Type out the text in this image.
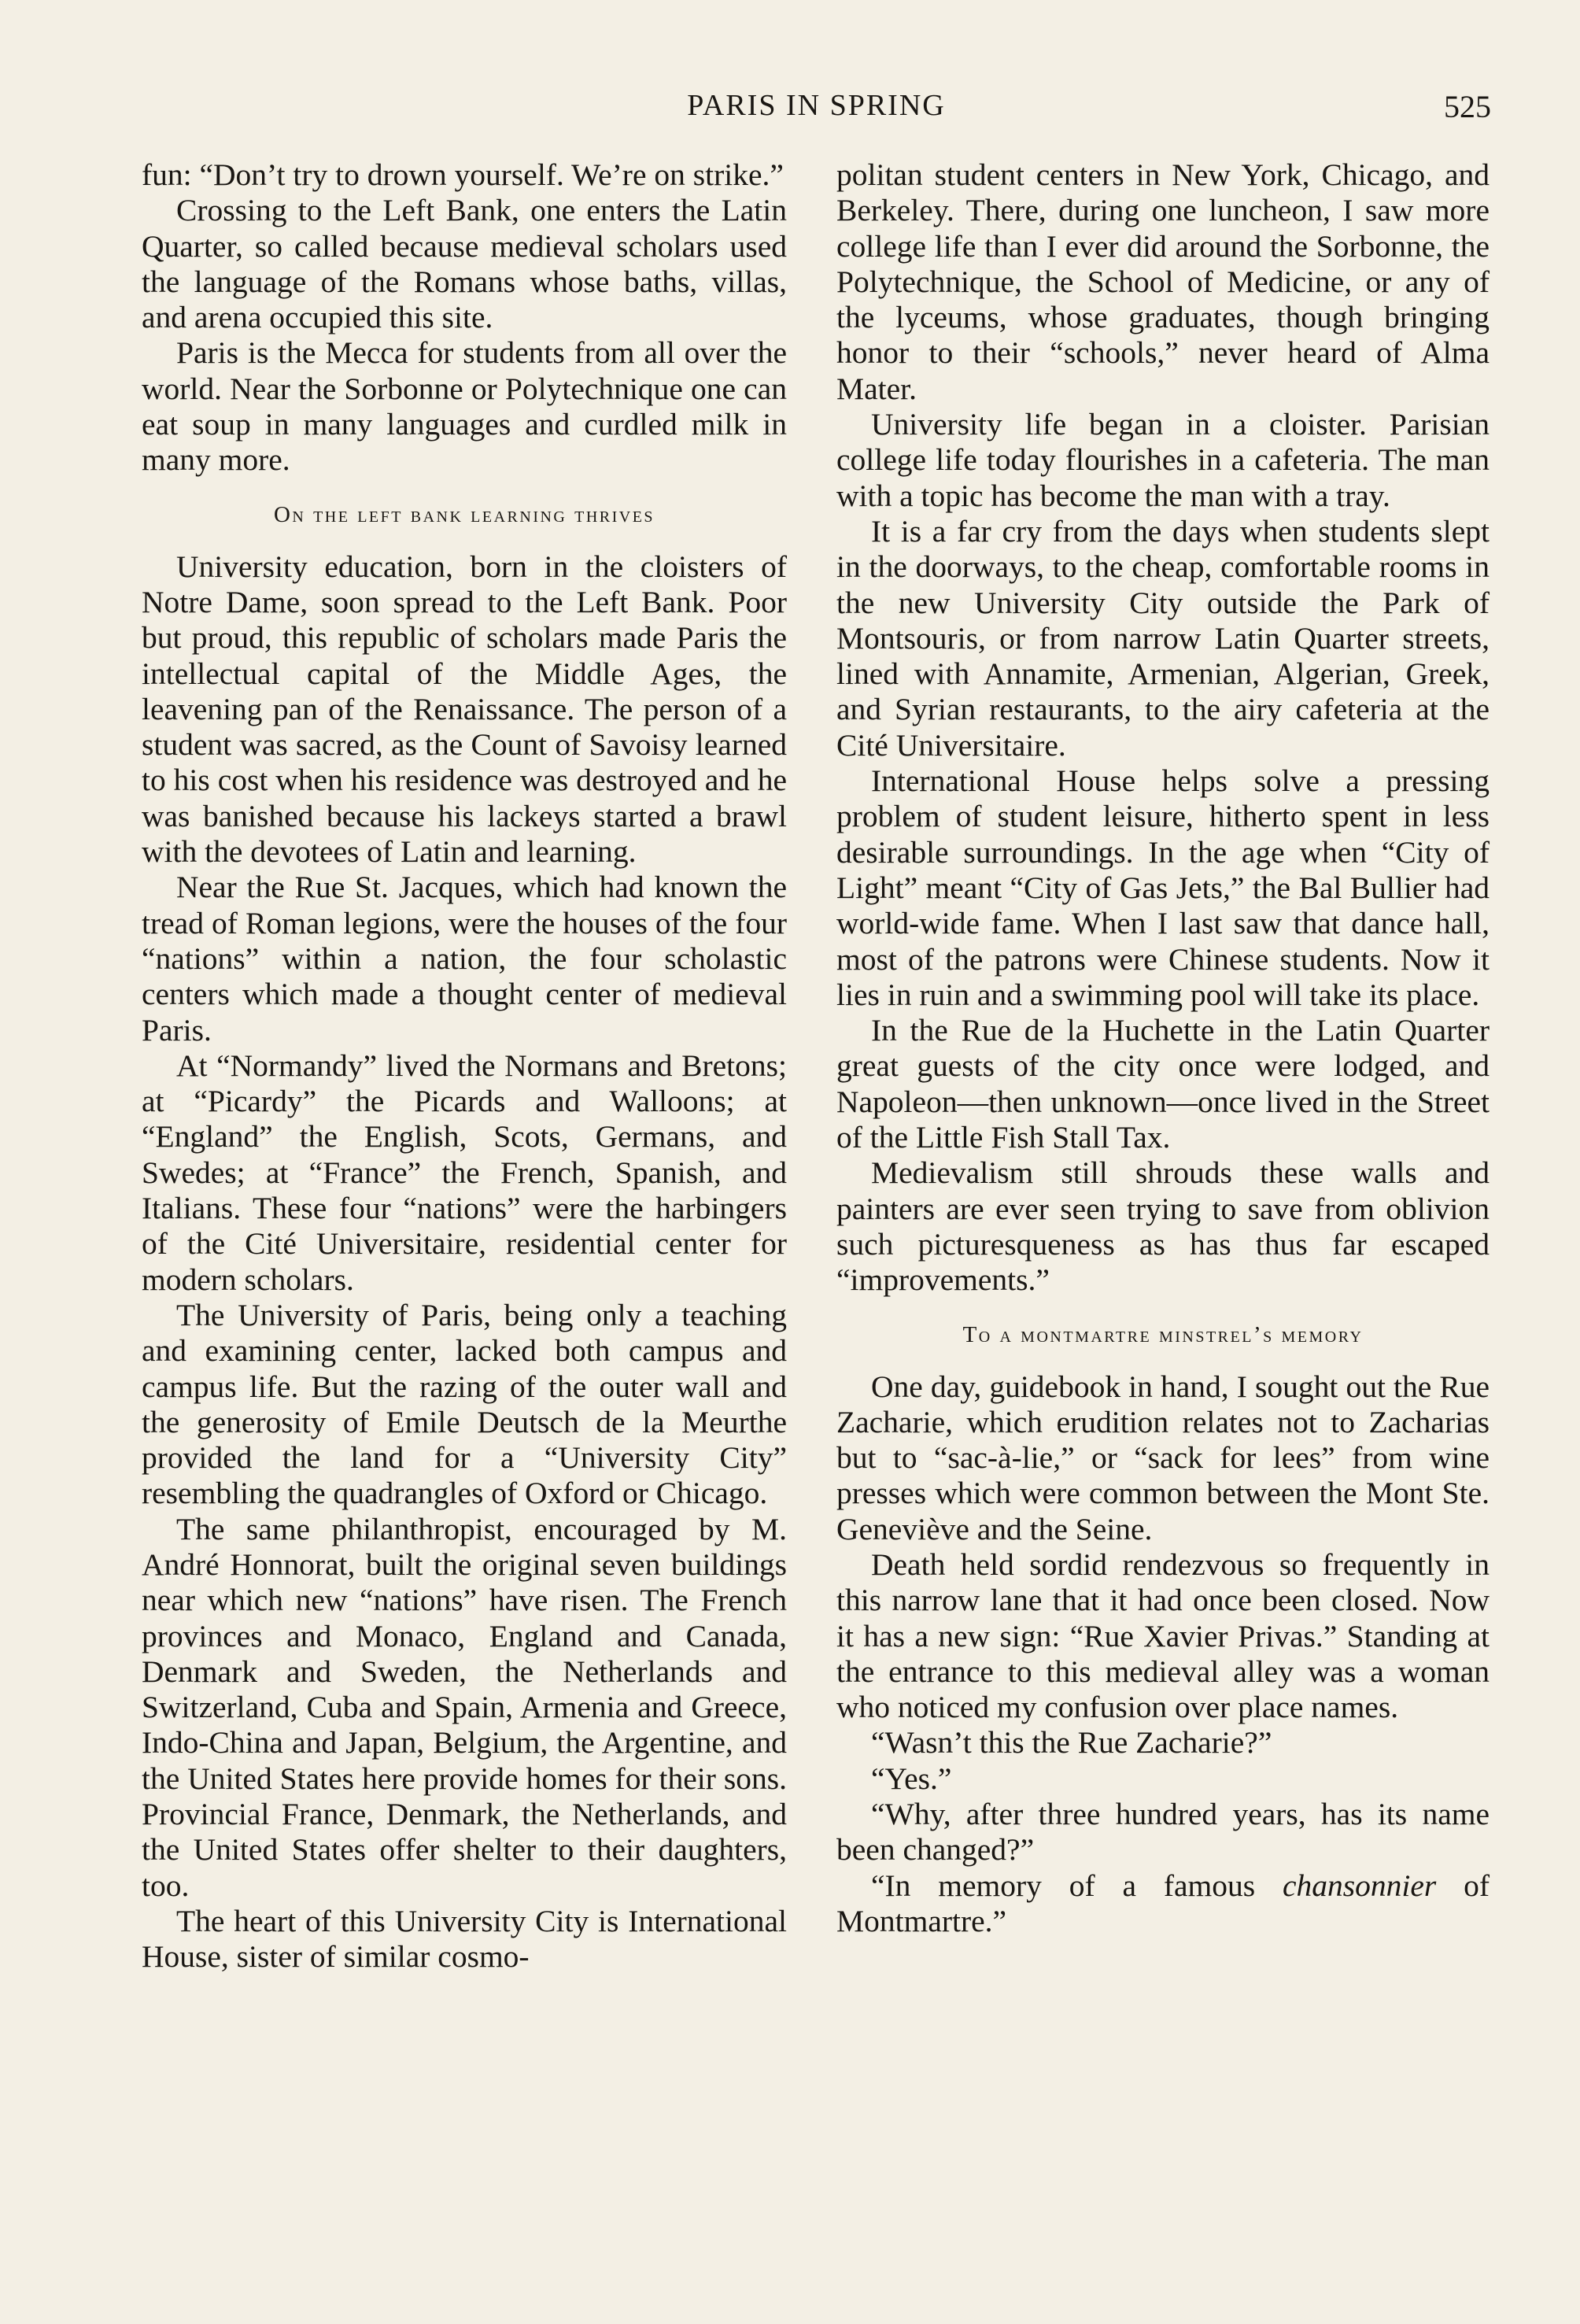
PARIS IN SPRING	525

fun: “Don’t try to drown yourself. We’re on strike.”

Crossing to the Left Bank, one enters the Latin Quarter, so called because medieval scholars used the language of the Romans whose baths, villas, and arena occupied this site.

Paris is the Mecca for students from all over the world. Near the Sorbonne or Polytechnique one can eat soup in many languages and curdled milk in many more.

On the left bank learning thrives

University education, born in the cloisters of Notre Dame, soon spread to the Left Bank. Poor but proud, this republic of scholars made Paris the intellectual capital of the Middle Ages, the leavening pan of the Renaissance. The person of a student was sacred, as the Count of Savoisy learned to his cost when his residence was destroyed and he was banished because his lackeys started a brawl with the devotees of Latin and learning.

Near the Rue St. Jacques, which had known the tread of Roman legions, were the houses of the four “nations” within a nation, the four scholastic centers which made a thought center of medieval Paris.

At “Normandy” lived the Normans and Bretons; at “Picardy” the Picards and Walloons; at “England” the English, Scots, Germans, and Swedes; at “France” the French, Spanish, and Italians. These four “nations” were the harbingers of the Cité Universitaire, residential center for modern scholars.

The University of Paris, being only a teaching and examining center, lacked both campus and campus life. But the razing of the outer wall and the generosity of Emile Deutsch de la Meurthe provided the land for a “University City” resembling the quadrangles of Oxford or Chicago.

The same philanthropist, encouraged by M. André Honnorat, built the original seven buildings near which new “nations” have risen. The French provinces and Monaco, England and Canada, Denmark and Sweden, the Netherlands and Switzerland, Cuba and Spain, Armenia and Greece, Indo-China and Japan, Belgium, the Argentine, and the United States here provide homes for their sons. Provincial France, Denmark, the Netherlands, and the United States offer shelter to their daughters, too.

The heart of this University City is International House, sister of similar cosmo-

politan student centers in New York, Chicago, and Berkeley. There, during one luncheon, I saw more college life than I ever did around the Sorbonne, the Polytechnique, the School of Medicine, or any of the lyceums, whose graduates, though bringing honor to their “schools,” never heard of Alma Mater.

University life began in a cloister. Parisian college life today flourishes in a cafeteria. The man with a topic has become the man with a tray.

It is a far cry from the days when students slept in the doorways, to the cheap, comfortable rooms in the new University City outside the Park of Montsouris, or from narrow Latin Quarter streets, lined with Annamite, Armenian, Algerian, Greek, and Syrian restaurants, to the airy cafeteria at the Cité Universitaire.

International House helps solve a pressing problem of student leisure, hitherto spent in less desirable surroundings. In the age when “City of Light” meant “City of Gas Jets,” the Bal Bullier had world-wide fame. When I last saw that dance hall, most of the patrons were Chinese students. Now it lies in ruin and a swimming pool will take its place.

In the Rue de la Huchette in the Latin Quarter great guests of the city once were lodged, and Napoleon—then unknown—once lived in the Street of the Little Fish Stall Tax.

Medievalism still shrouds these walls and painters are ever seen trying to save from oblivion such picturesqueness as has thus far escaped “improvements.”

To a montmartre minstrel’s memory

One day, guidebook in hand, I sought out the Rue Zacharie, which erudition relates not to Zacharias but to “sac-à-lie,” or “sack for lees” from wine presses which were common between the Mont Ste. Geneviève and the Seine.

Death held sordid rendezvous so frequently in this narrow lane that it had once been closed. Now it has a new sign: “Rue Xavier Privas.” Standing at the entrance to this medieval alley was a woman who noticed my confusion over place names.

“Wasn’t this the Rue Zacharie?”

“Yes.”

“Why, after three hundred years, has its name been changed?”

“In memory of a famous chansonnier of Montmartre.”
